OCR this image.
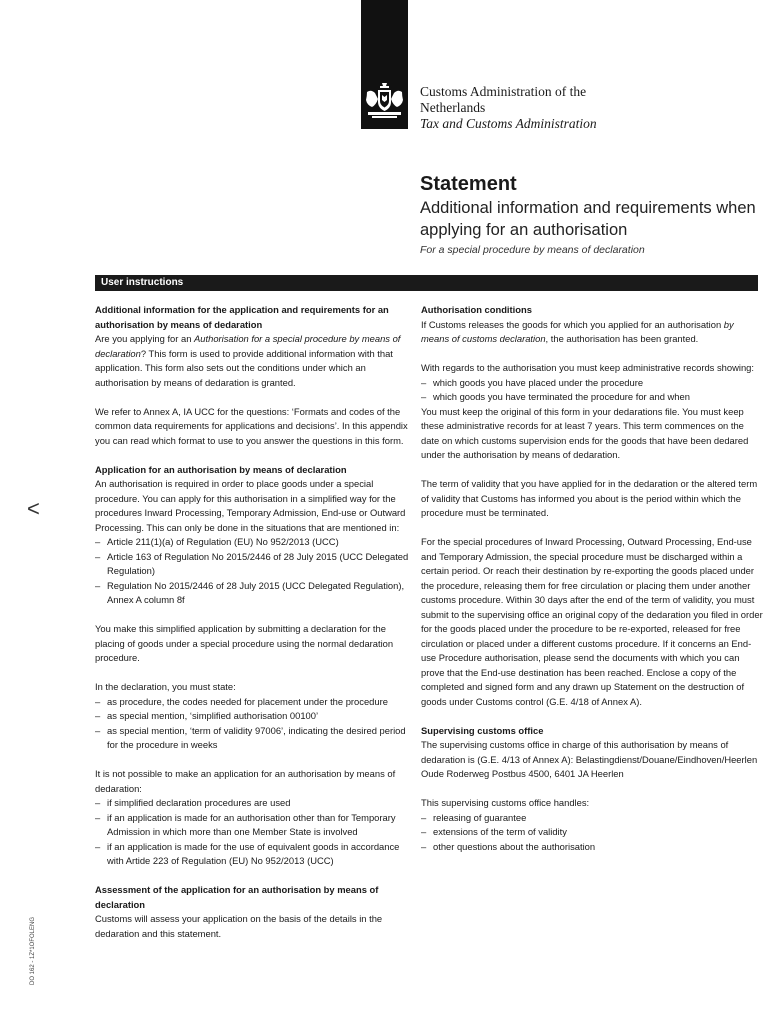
Customs Administration of the
Netherlands
Tax and Customs Administration
Statement
Additional information and requirements when applying for an authorisation
For a special procedure by means of declaration
User instructions
<
DO 162 - 1Z*1OFOLENG
Additional information for the application and requirements for an authorisation by means of dedaration

Are you applying for an Authorisation for a special procedure by means of declaration? This form is used to provide additional information with that application. This form also sets out the conditions under which an authorisation by means of dedaration is granted.

We refer to Annex A, IA UCC for the questions: ‘Formats and codes of the common data requirements for applications and decisions’. In this appendix you can read which format to use to you answer the questions in this form.

Application for an authorisation by means of declaration
An authorisation is required in order to place goods under a special procedure. You can apply for this authorisation in a simplified way for the procedures Inward Processing, Temporary Admission, End-use or Outward Processing. This can only be done in the situations that are mentioned in:
– Article 211(1)(a) of Regulation (EU) No 952/2013 (UCC)
– Article 163 of Regulation No 2015/2446 of 28 July 2015 (UCC Delegated Regulation)
– Regulation No 2015/2446 of 28 July 2015 (UCC Delegated Regulation), Annex A column 8f

You make this simplified application by submitting a declaration for the placing of goods under a special procedure using the normal dedaration procedure.

In the declaration, you must state:
– as procedure, the codes needed for placement under the procedure
– as special mention, ‘simplified authorisation 00100’
– as special mention, ‘term of validity 97006’, indicating the desired period for the procedure in weeks
It is not possible to make an application for an authorisation by means of dedaration:
– if simplified declaration procedures are used
– if an application is made for an authorisation other than for Temporary Admission in which more than one Member State is involved
– if an application is made for the use of equivalent goods in accordance with Artide 223 of Regulation (EU) No 952/2013 (UCC)
Assessment of the application for an authorisation by means of declaration
Customs will assess your application on the basis of the details in the dedaration and this statement.
Authorisation conditions

If Customs releases the goods for which you applied for an authorisation by means of customs declaration, the authorisation has been granted.

With regards to the authorisation you must keep administrative records showing:
– which goods you have placed under the procedure
– which goods you have terminated the procedure for and when

You must keep the original of this form in your dedarations file. You must keep these administrative records for at least 7 years. This term commences on the date on which customs supervision ends for the goods that have been dedared under the authorisation by means of dedaration.

The term of validity that you have applied for in the dedaration or the altered term of validity that Customs has informed you about is the period within which the procedure must be terminated.

For the special procedures of Inward Processing, Outward Processing, End-use and Temporary Admission, the special procedure must be discharged within a certain period. Or reach their destination by re-exporting the goods placed under the procedure, releasing them for free circulation or placing them under another customs procedure. Within 30 days after the end of the term of validity, you must submit to the supervising office an original copy of the dedaration you filed in order for the goods placed under the procedure to be re-exported, released for free circulation or placed under a different customs procedure. If it concerns an End-use Procedure authorisation, please send the documents with which you can prove that the End-use destination has been reached. Enclose a copy of the completed and signed form and any drawn up Statement on the destruction of goods under Customs control (G.E. 4/18 of Annex A).

Supervising customs office

The supervising customs office in charge of this authorisation by means of dedaration is (G.E. 4/13 of Annex A): Belastingdienst/Douane/Eindhoven/Heerlen Oude Roderweg Postbus 4500, 6401 JA Heerlen

This supervising customs office handles:
– releasing of guarantee
– extensions of the term of validity
– other questions about the authorisation
